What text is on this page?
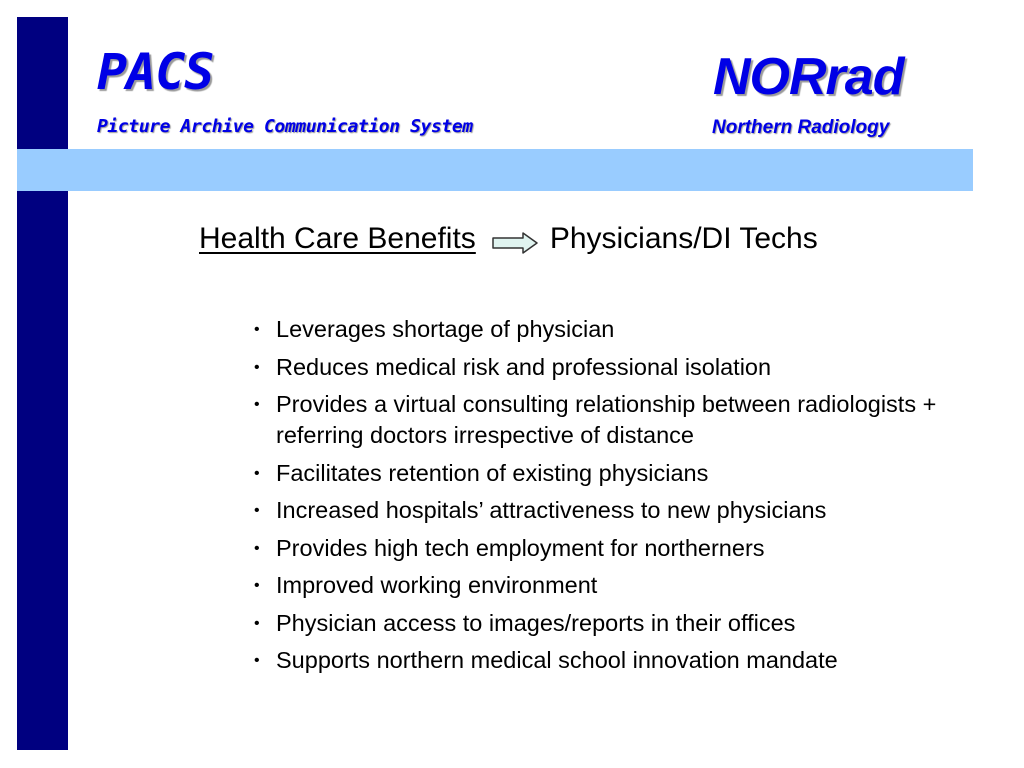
PACS
Picture Archive Communication System
NORrad
Northern Radiology
Health Care Benefits Physicians/DI Techs
• Leverages shortage of physician
• Reduces medical risk and professional isolation
• Provides a virtual consulting relationship between radiologists + referring doctors irrespective of distance
• Facilitates retention of existing physicians
• Increased hospitals’ attractiveness to new physicians
• Provides high tech employment for northerners
• Improved working environment
• Physician access to images/reports in their offices
• Supports northern medical school innovation mandate
